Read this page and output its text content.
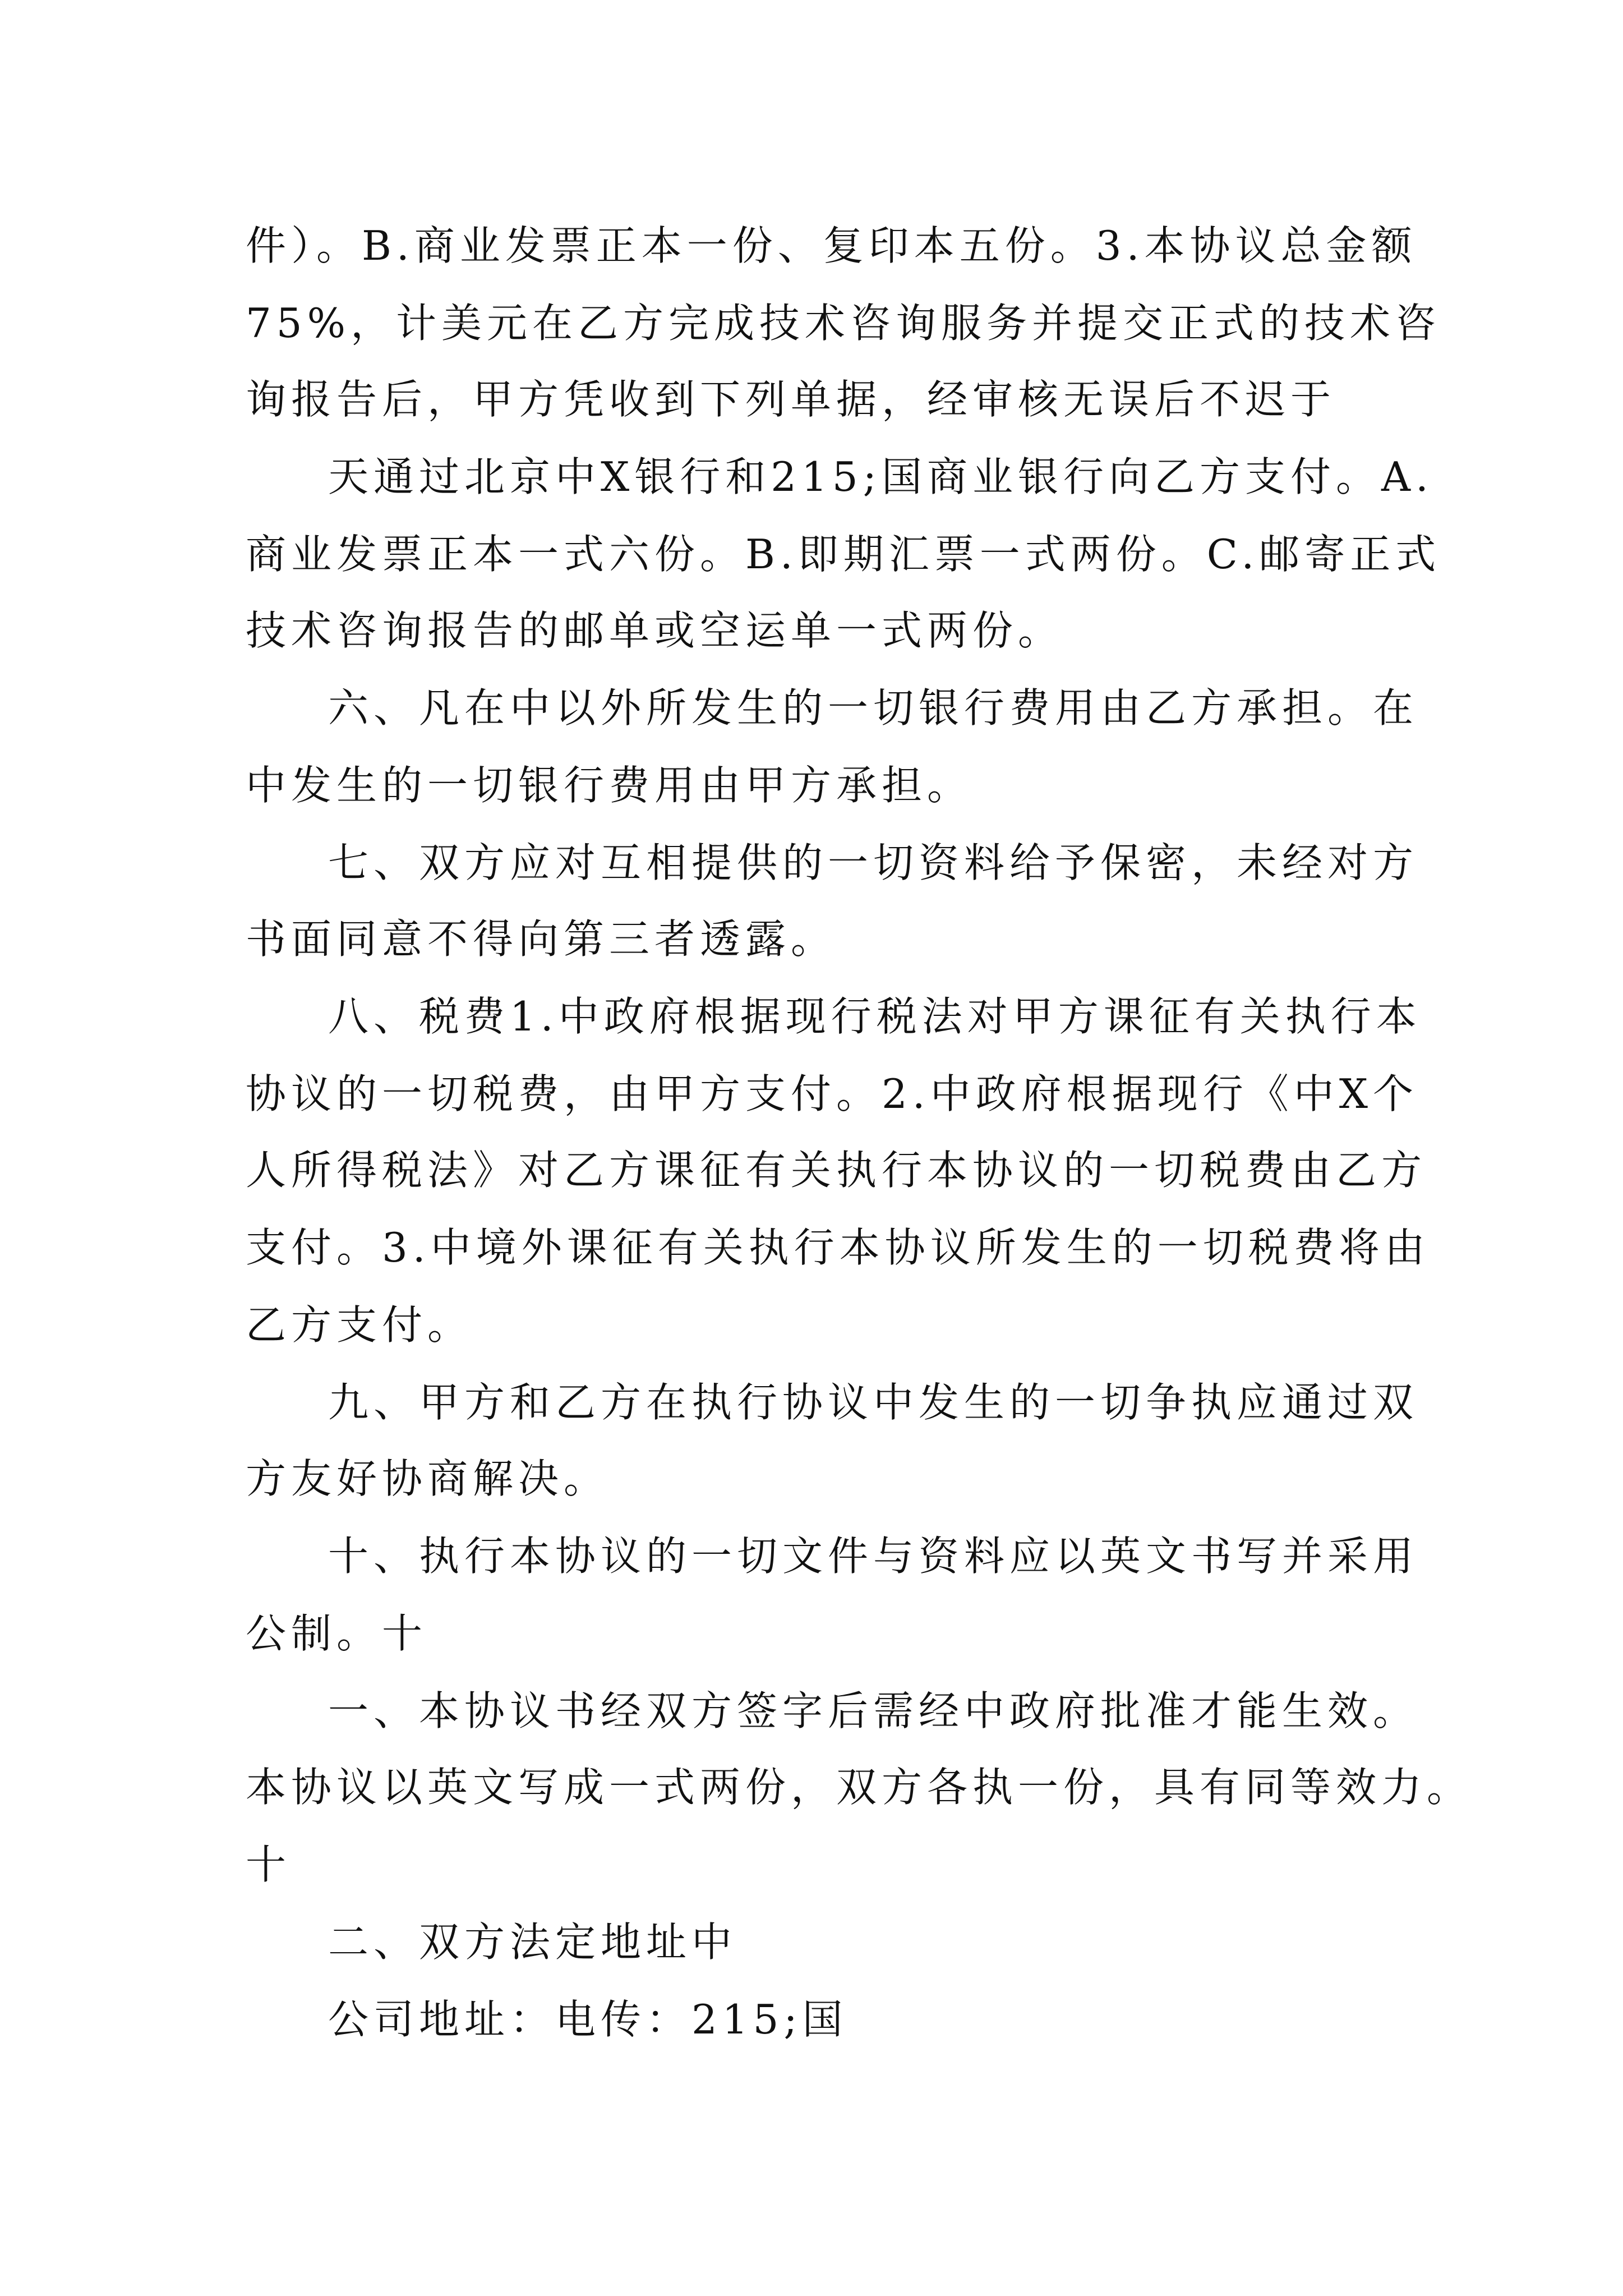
件）。B.商业发票正本一份、复印本五份。3.本协议总金额

75%，计美元在乙方完成技术咨询服务并提交正式的技术咨

询报告后，甲方凭收到下列单据，经审核无误后不迟于

天通过北京中X银行和215;国商业银行向乙方支付。A.

商业发票正本一式六份。B.即期汇票一式两份。C.邮寄正式

技术咨询报告的邮单或空运单一式两份。

六、凡在中以外所发生的一切银行费用由乙方承担。在

中发生的一切银行费用由甲方承担。

七、双方应对互相提供的一切资料给予保密，未经对方

书面同意不得向第三者透露。

八、税费1.中政府根据现行税法对甲方课征有关执行本

协议的一切税费，由甲方支付。2.中政府根据现行《中X个

人所得税法》对乙方课征有关执行本协议的一切税费由乙方

支付。3.中境外课征有关执行本协议所发生的一切税费将由

乙方支付。

九、甲方和乙方在执行协议中发生的一切争执应通过双

方友好协商解决。

十、执行本协议的一切文件与资料应以英文书写并采用

公制。十

一、本协议书经双方签字后需经中政府批准才能生效。

本协议以英文写成一式两份，双方各执一份，具有同等效力。

十

二、双方法定地址中

公司地址：电传：215;国
